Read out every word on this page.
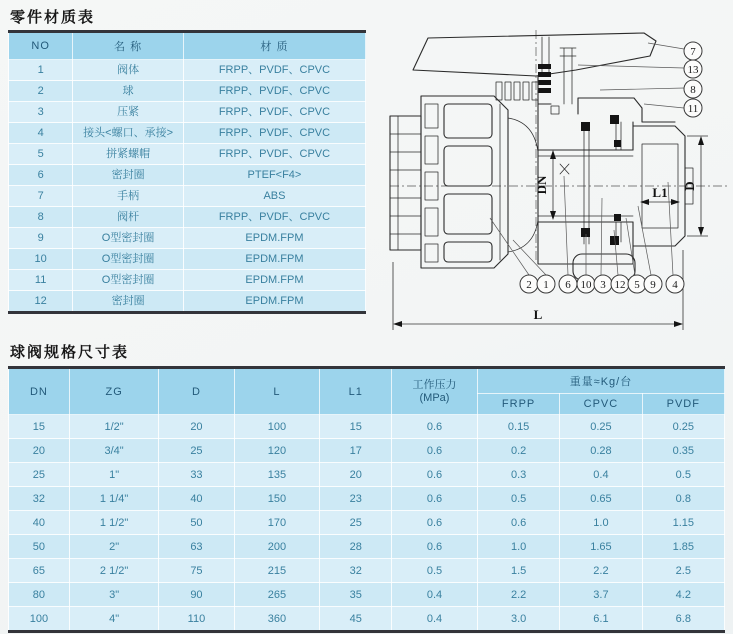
零件材质表
NO	名 称	材 质
1	阀体	FRPP、PVDF、CPVC
2	球	FRPP、PVDF、CPVC
3	压紧	FRPP、PVDF、CPVC
4	接头<螺口、承接>	FRPP、PVDF、CPVC
5	拼紧螺帽	FRPP、PVDF、CPVC
6	密封圈	PTEF<F4>
7	手柄	ABS
8	阀杆	FRPP、PVDF、CPVC
9	O型密封圈	EPDM.FPM
10	O型密封圈	EPDM.FPM
11	O型密封圈	EPDM.FPM
12	密封圈	EPDM.FPM
DN	D
L1
L
7
13
8
11
2 1 6 10 3 12 5 9 4
球阀规格尺寸表
DN	ZG	D	L	L1	工作压力
(MPa)	重量≈Kg/台		
						FRPP	CPVC	PVDF
15	1/2"	20	100	15	0.6	0.15	0.25	0.25
20	3/4"	25	120	17	0.6	0.2	0.28	0.35
25	1"	33	135	20	0.6	0.3	0.4	0.5
32	1 1/4"	40	150	23	0.6	0.5	0.65	0.8
40	1 1/2"	50	170	25	0.6	0.6	1.0	1.15
50	2"	63	200	28	0.6	1.0	1.65	1.85
65	2 1/2"	75	215	32	0.5	1.5	2.2	2.5
80	3"	90	265	35	0.4	2.2	3.7	4.2
100	4"	110	360	45	0.4	3.0	6.1	6.8
